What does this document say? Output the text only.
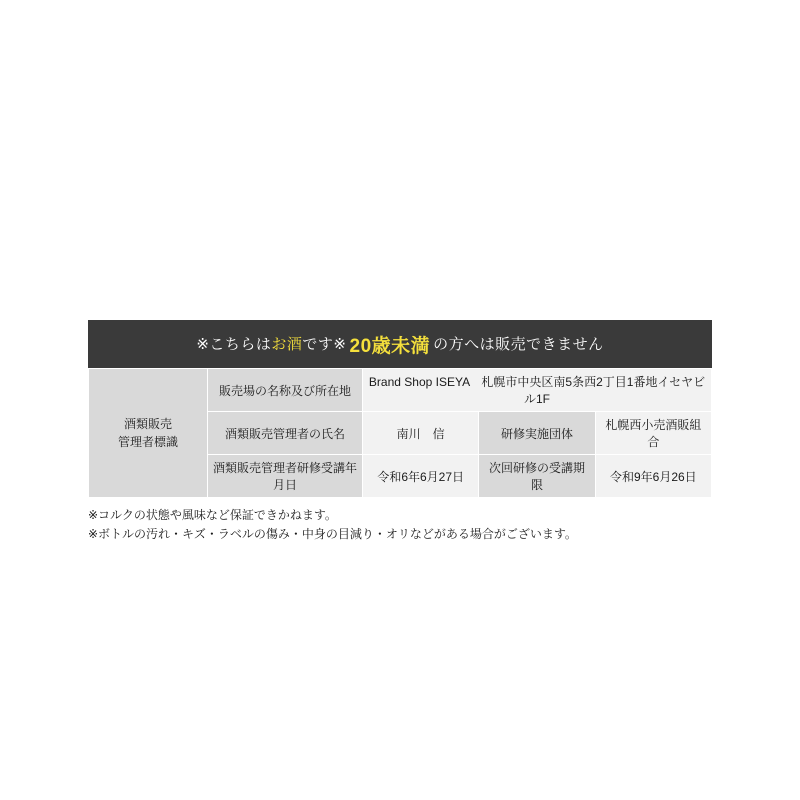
※こちらは お酒 です※ 20歳未満 の方へは販売できません
酒類販売
管理者標識	販売場の名称及び所在地	Brand Shop ISEYA　札幌市中央区南5条西2丁目1番地イセヤビル1F		
	酒類販売管理者の氏名	南川　信	研修実施団体	札幌西小売酒販組合
	酒類販売管理者研修受講年月日	令和6年6月27日	次回研修の受講期限	令和9年6月26日
※コルクの状態や風味など保証できかねます。
※ボトルの汚れ・キズ・ラベルの傷み・中身の目減り・オリなどがある場合がございます。
